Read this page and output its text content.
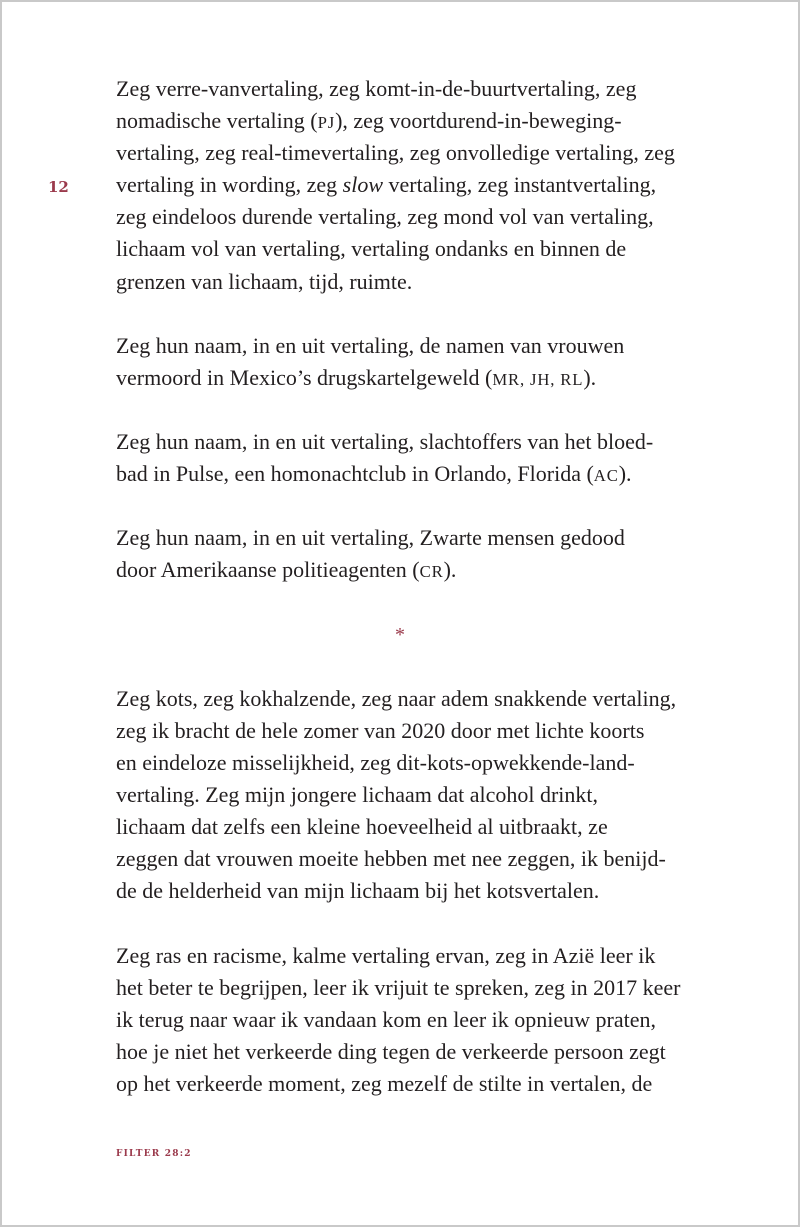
12
Zeg verre-vanvertaling, zeg komt-in-de-buurtvertaling, zeg
nomadische vertaling (PJ), zeg voortdurend-in-beweging-
vertaling, zeg real-timevertaling, zeg onvolledige vertaling, zeg
vertaling in wording, zeg slow vertaling, zeg instantvertaling,
zeg eindeloos durende vertaling, zeg mond vol van vertaling,
lichaam vol van vertaling, vertaling ondanks en binnen de
grenzen van lichaam, tijd, ruimte.
Zeg hun naam, in en uit vertaling, de namen van vrouwen
vermoord in Mexico’s drugskartelgeweld (MR, JH, RL).
Zeg hun naam, in en uit vertaling, slachtoffers van het bloed-
bad in Pulse, een homonachtclub in Orlando, Florida (AC).
Zeg hun naam, in en uit vertaling, Zwarte mensen gedood
door Amerikaanse politieagenten (CR).
*
Zeg kots, zeg kokhalzende, zeg naar adem snakkende vertaling,
zeg ik bracht de hele zomer van 2020 door met lichte koorts
en eindeloze misselijkheid, zeg dit-kots-opwekkende-land-
vertaling. Zeg mijn jongere lichaam dat alcohol drinkt,
lichaam dat zelfs een kleine hoeveelheid al uitbraakt, ze
zeggen dat vrouwen moeite hebben met nee zeggen, ik benijd-
de de helderheid van mijn lichaam bij het kotsvertalen.
Zeg ras en racisme, kalme vertaling ervan, zeg in Azië leer ik
het beter te begrijpen, leer ik vrijuit te spreken, zeg in 2017 keer
ik terug naar waar ik vandaan kom en leer ik opnieuw praten,
hoe je niet het verkeerde ding tegen de verkeerde persoon zegt
op het verkeerde moment, zeg mezelf de stilte in vertalen, de
FILTER 28:2
